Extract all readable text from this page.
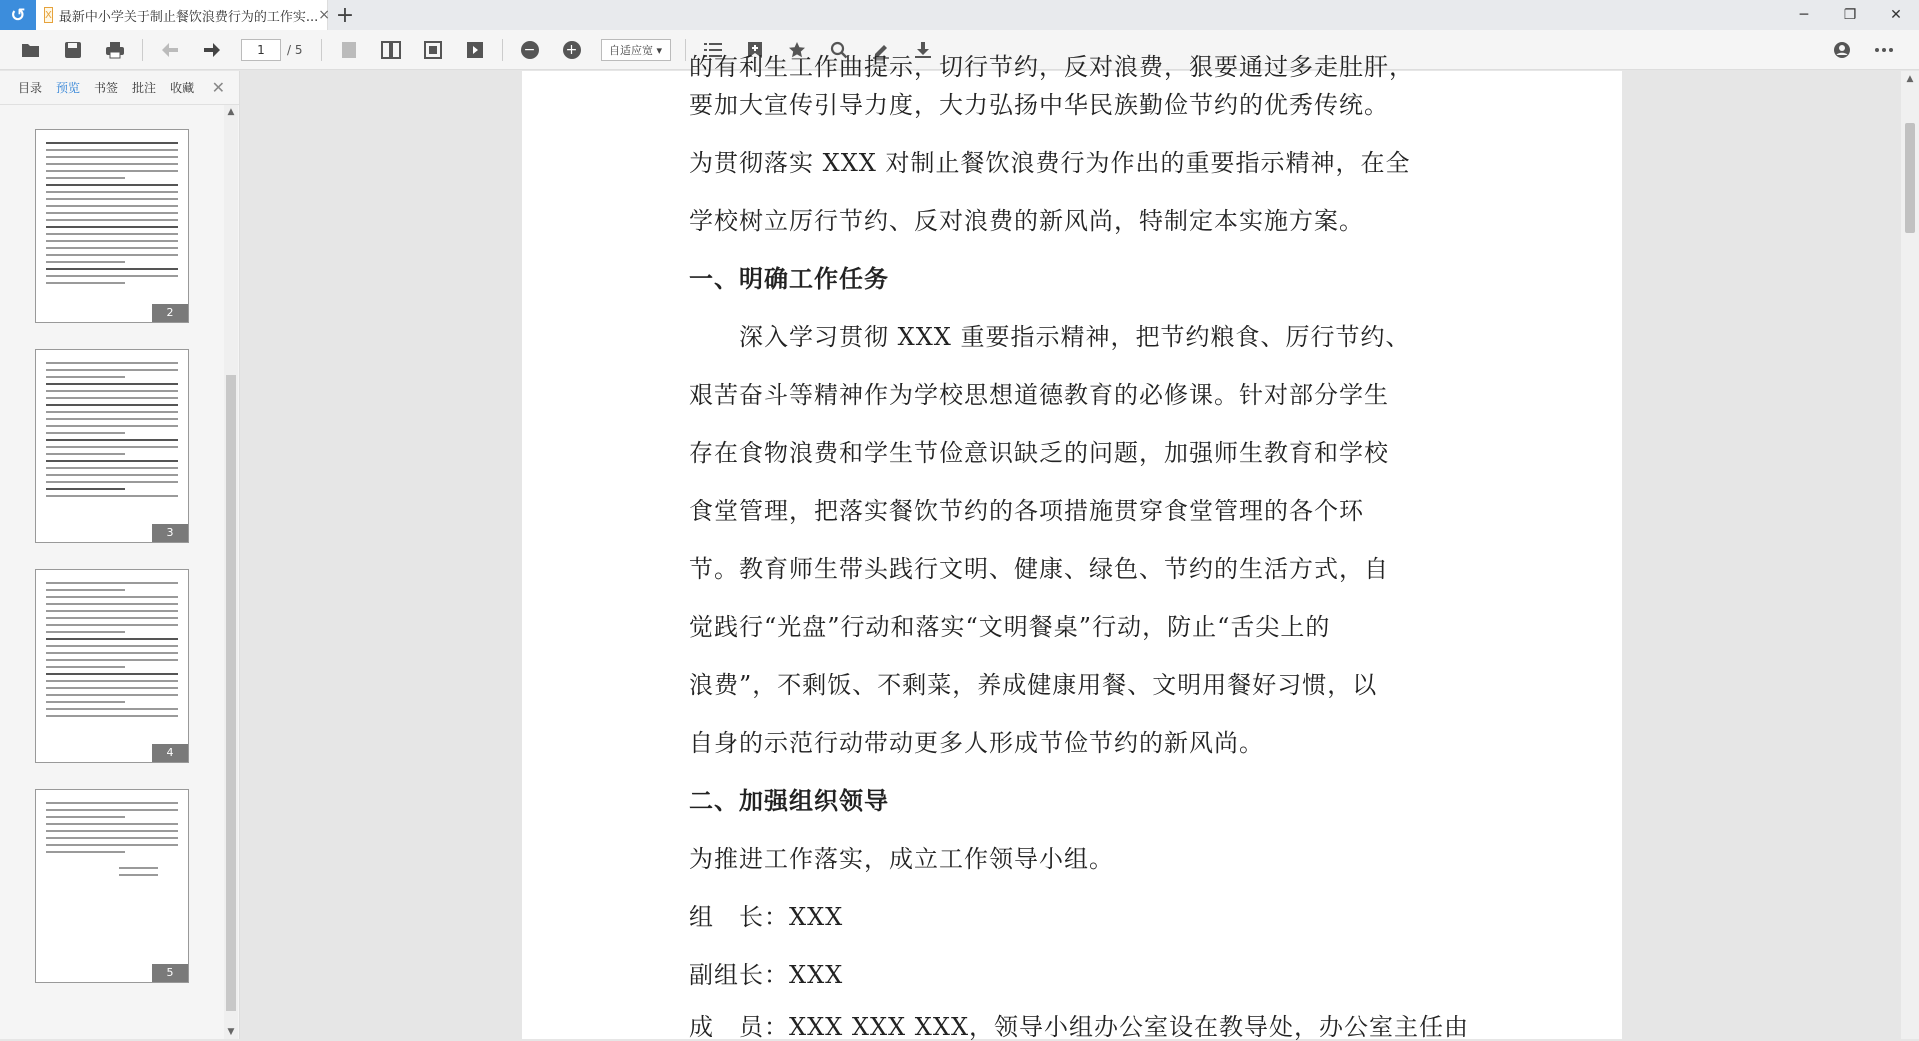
↺	X 最新中小学关于制止餐饮浪费行为的工作实... × +	─	❐	✕
1	/ 5	− +	自适应宽 ▾
目录 预览 书签 批注 收藏 ✕
2
3
4
5
▲
▼
要加大宣传引导力度，大力弘扬中华民族勤俭节约的优秀传统。
为贯彻落实 XXX 对制止餐饮浪费行为作出的重要指示精神，在全
学校树立厉行节约、反对浪费的新风尚，特制定本实施方案。
一、明确工作任务
　　深入学习贯彻 XXX 重要指示精神，把节约粮食、厉行节约、
艰苦奋斗等精神作为学校思想道德教育的必修课。针对部分学生
存在食物浪费和学生节俭意识缺乏的问题，加强师生教育和学校
食堂管理，把落实餐饮节约的各项措施贯穿食堂管理的各个环
节。教育师生带头践行文明、健康、绿色、节约的生活方式，自
觉践行“光盘”行动和落实“文明餐桌”行动，防止“舌尖上的
浪费”，不剩饭、不剩菜，养成健康用餐、文明用餐好习惯，以
自身的示范行动带动更多人形成节俭节约的新风尚。
二、加强组织领导
为推进工作落实，成立工作领导小组。
组　长：XXX
副组长：XXX
成　员：XXX XXX XXX，领导小组办公室设在教导处，办公室主任由
▲
